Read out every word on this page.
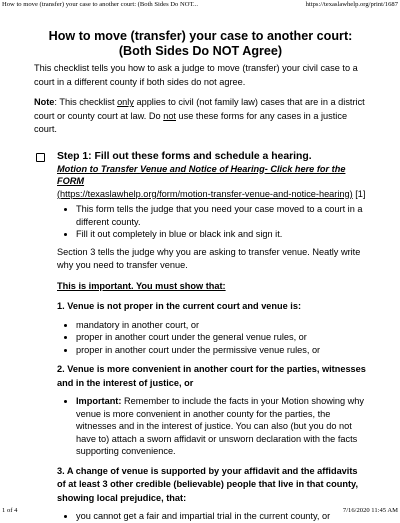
How to move (transfer) your case to another court: (Both Sides Do NOT...	https://texaslawhelp.org/print/1687
How to move (transfer) your case to another court: (Both Sides Do NOT Agree)

This checklist tells you how to ask a judge to move (transfer) your civil case to a court in a different county if both sides do not agree.

Note: This checklist only applies to civil (not family law) cases that are in a district court or county court at law. Do not use these forms for any cases in a justice court.

Step 1: Fill out these forms and schedule a hearing.
Motion to Transfer Venue and Notice of Hearing- Click here for the FORM
(https://texaslawhelp.org/form/motion-transfer-venue-and-notice-hearing) [1]
• This form tells the judge that you need your case moved to a court in a different county.
• Fill it out completely in blue or black ink and sign it.

Section 3 tells the judge why you are asking to transfer venue. Neatly write why you need to transfer venue.

This is important. You must show that:

1. Venue is not proper in the current court and venue is:

• mandatory in another court, or
• proper in another court under the general venue rules, or
• proper in another court under the permissive venue rules, or

2. Venue is more convenient in another court for the parties, witnesses and in the interest of justice, or

• Important: Remember to include the facts in your Motion showing why venue is more convenient in another county for the parties, the witnesses and in the interest of justice. You can also (but you do not have to) attach a sworn affidavit or unsworn declaration with the facts supporting convenience.

3. A change of venue is supported by your affidavit and the affidavits of at least 3 other credible (believable) people that live in that county, showing local prejudice, that:

• you cannot get a fair and impartial trial in the current county, or
1 of 4	7/16/2020 11:45 AM
